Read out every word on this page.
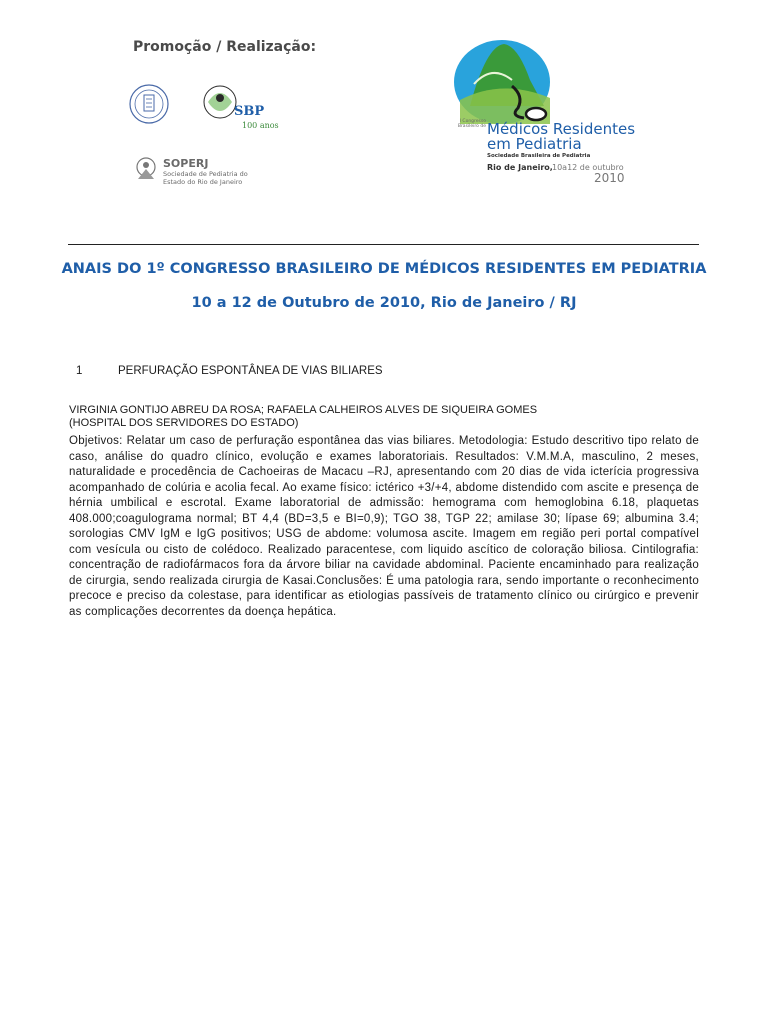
Promoção / Realização:
SBP
100 anos
SOPERJ
Sociedade de Pediatria do Estado do Rio de Janeiro
I Congresso Brasileiro de Médicos Residentes
em Pediatria
Sociedade Brasileira de Pediatria
Rio de Janeiro, 10a12 de outubro
2010
ANAIS DO 1º CONGRESSO BRASILEIRO DE MÉDICOS RESIDENTES EM PEDIATRIA
10 a 12 de Outubro de 2010, Rio de Janeiro / RJ
1	PERFURAÇÃO ESPONTÂNEA DE VIAS BILIARES
VIRGINIA GONTIJO ABREU DA ROSA; RAFAELA CALHEIROS ALVES DE SIQUEIRA GOMES
(HOSPITAL DOS SERVIDORES DO ESTADO)
Objetivos: Relatar um caso de perfuração espontânea das vias biliares. Metodologia: Estudo descritivo tipo relato de caso, análise do quadro clínico, evolução e exames laboratoriais. Resultados: V.M.M.A, masculino, 2 meses, naturalidade e procedência de Cachoeiras de Macacu –RJ, apresentando com 20 dias de vida icterícia progressiva acompanhado de colúria e acolia fecal. Ao exame físico: ictérico +3/+4, abdome distendido com ascite e presença de hérnia umbilical e escrotal. Exame laboratorial de admissão: hemograma com hemoglobina 6.18, plaquetas 408.000;coagulograma normal; BT 4,4 (BD=3,5 e BI=0,9); TGO 38, TGP 22; amilase 30; lípase 69; albumina 3.4; sorologias CMV IgM e IgG positivos; USG de abdome: volumosa ascite. Imagem em região peri portal compatível com vesícula ou cisto de colédoco. Realizado paracentese, com liquido ascítico de coloração biliosa. Cintilografia: concentração de radiofármacos fora da árvore biliar na cavidade abdominal. Paciente encaminhado para realização de cirurgia, sendo realizada cirurgia de Kasai.Conclusões: É uma patologia rara, sendo importante o reconhecimento precoce e preciso da colestase, para identificar as etiologias passíveis de tratamento clínico ou cirúrgico e prevenir as complicações decorrentes da doença hepática.
